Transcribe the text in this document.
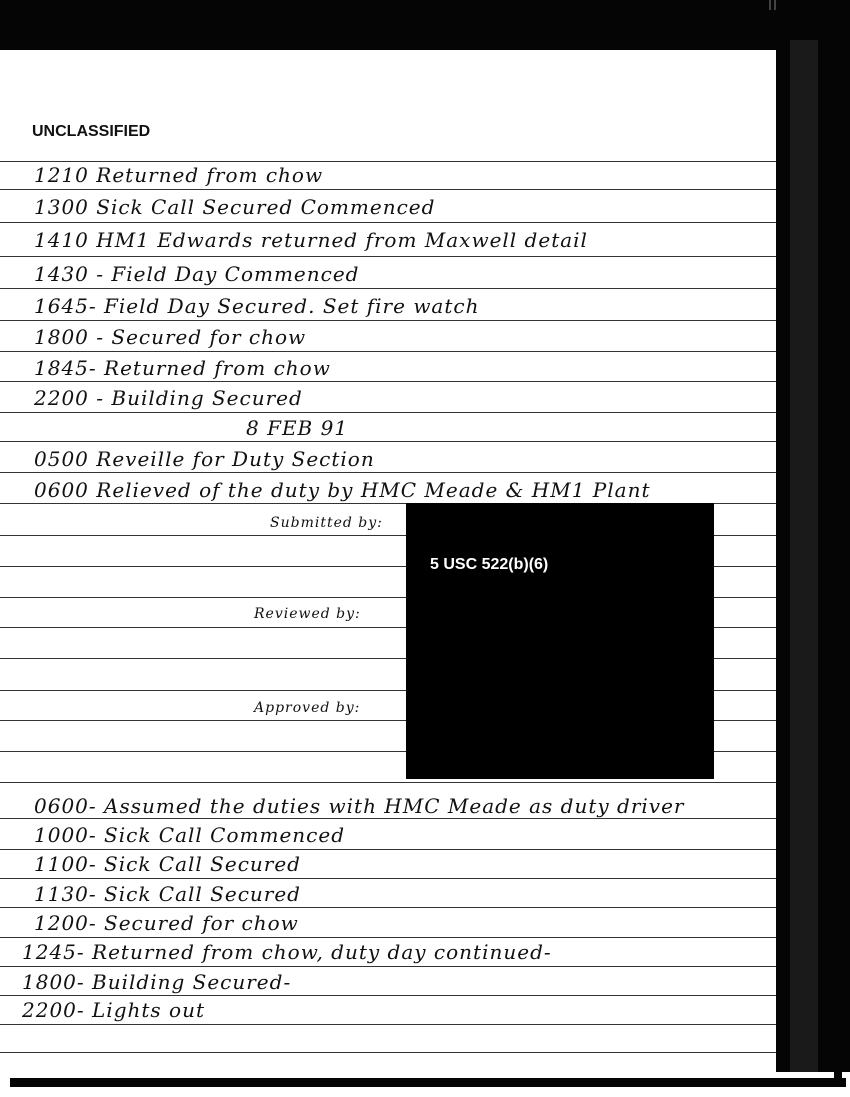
UNCLASSIFIED
1210 Returned from chow
1300 Sick Call Secured Commenced
1410 HM1 Edwards returned from Maxwell detail
1430 - Field Day Commenced
1645- Field Day Secured. Set fire watch
1800 - Secured for chow
1845- Returned from chow
2200 - Building Secured
8 FEB 91
0500 Reveille for Duty Section
0600 Relieved of the duty by HMC Meade & HM1 Plant
Submitted by:
Reviewed by:
Approved by:
5 USC 522(b)(6)
0600- Assumed the duties with HMC Meade as duty driver
1000- Sick Call Commenced
1100- Sick Call Secured
1130- Sick Call Secured
1200- Secured for chow
1245- Returned from chow, duty day continued-
1800- Building Secured-
2200- Lights out
